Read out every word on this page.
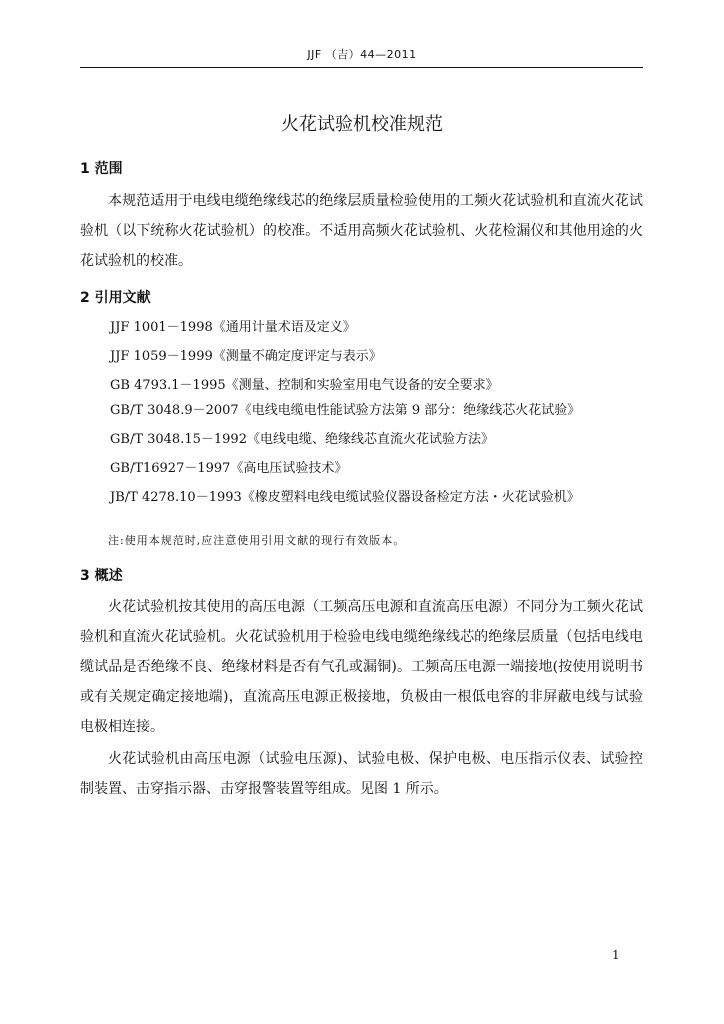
JJF （吉）44—2011
火花试验机校准规范
1 范围

本规范适用于电线电缆绝缘线芯的绝缘层质量检验使用的工频火花试验机和直流火花试验机（以下统称火花试验机）的校准。不适用高频火花试验机、火花检漏仪和其他用途的火花试验机的校准。

2 引用文献
JJF 1001－1998《通用计量术语及定义》
JJF 1059－1999《测量不确定度评定与表示》
GB 4793.1－1995《测量、控制和实验室用电气设备的安全要求》
GB/T 3048.9－2007《电线电缆电性能试验方法第 9 部分：绝缘线芯火花试验》
GB/T 3048.15－1992《电线电缆、绝缘线芯直流火花试验方法》
GB/T16927－1997《高电压试验技术》
JB/T 4278.10－1993《橡皮塑料电线电缆试验仪器设备检定方法・火花试验机》
注:使用本规范时,应注意使用引用文献的现行有效版本。
3 概述

火花试验机按其使用的高压电源（工频高压电源和直流高压电源）不同分为工频火花试验机和直流火花试验机。火花试验机用于检验电线电缆绝缘线芯的绝缘层质量（包括电线电缆试品是否绝缘不良、绝缘材料是否有气孔或漏铜)。工频高压电源一端接地(按使用说明书或有关规定确定接地端)，直流高压电源正极接地，负极由一根低电容的非屏蔽电线与试验电极相连接。

火花试验机由高压电源（试验电压源)、试验电极、保护电极、电压指示仪表、试验控制装置、击穿指示器、击穿报警装置等组成。见图 1 所示。

1
